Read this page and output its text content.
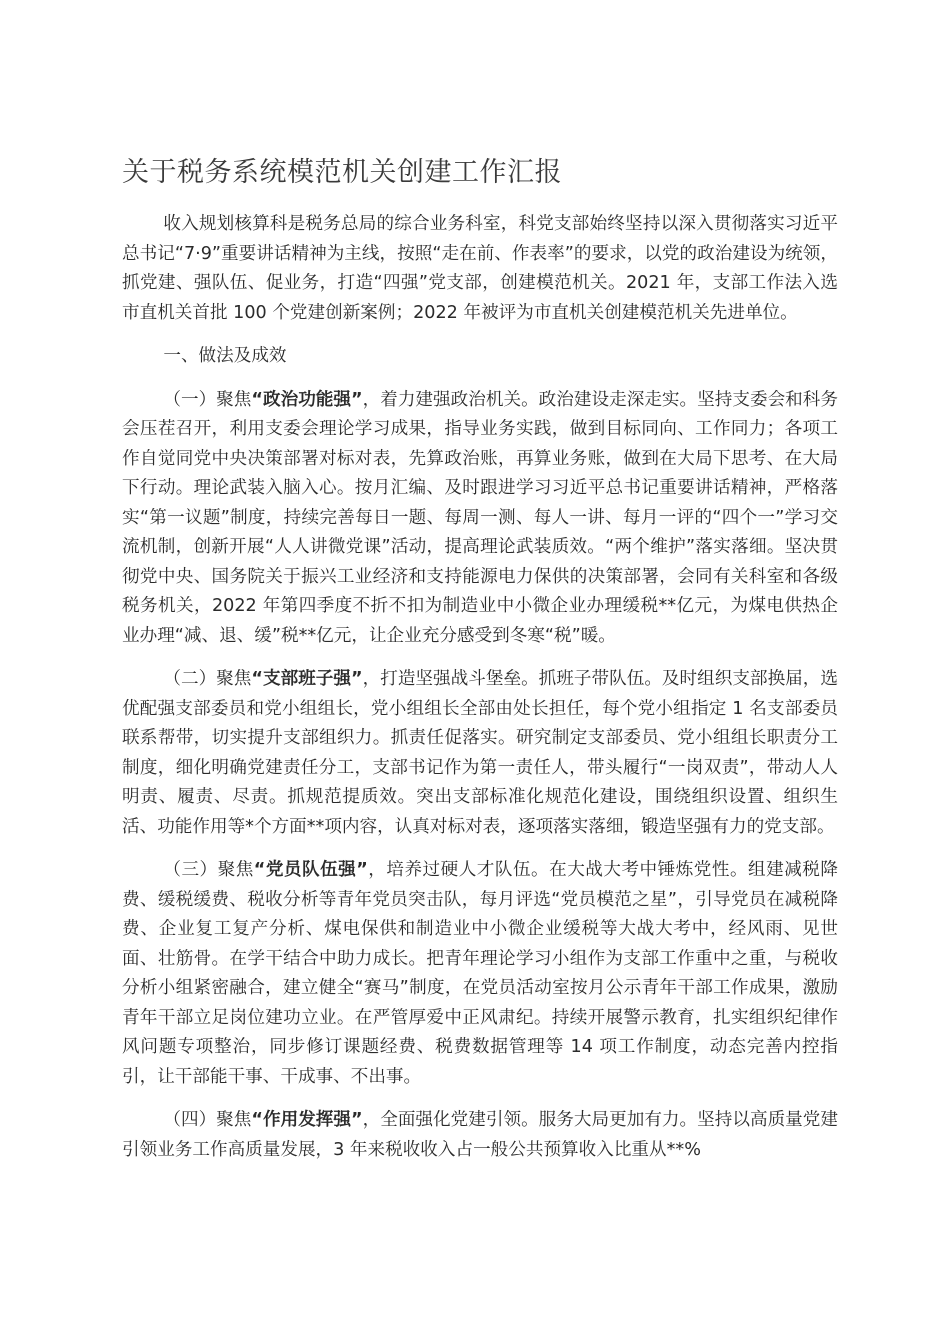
关于税务系统模范机关创建工作汇报

收入规划核算科是税务总局的综合业务科室，科党支部始终坚持以深入贯彻落实习近平总书记“7·9”重要讲话精神为主线，按照“走在前、作表率”的要求，以党的政治建设为统领，抓党建、强队伍、促业务，打造“四强”党支部，创建模范机关。2021 年，支部工作法入选市直机关首批 100 个党建创新案例；2022 年被评为市直机关创建模范机关先进单位。

一、做法及成效

（一）聚焦“政治功能强”，着力建强政治机关。政治建设走深走实。坚持支委会和科务会压茬召开，利用支委会理论学习成果，指导业务实践，做到目标同向、工作同力；各项工作自觉同党中央决策部署对标对表，先算政治账，再算业务账，做到在大局下思考、在大局下行动。理论武装入脑入心。按月汇编、及时跟进学习习近平总书记重要讲话精神，严格落实“第一议题”制度，持续完善每日一题、每周一测、每人一讲、每月一评的“四个一”学习交流机制，创新开展“人人讲微党课”活动，提高理论武装质效。“两个维护”落实落细。坚决贯彻党中央、国务院关于振兴工业经济和支持能源电力保供的决策部署，会同有关科室和各级税务机关，2022 年第四季度不折不扣为制造业中小微企业办理缓税**亿元，为煤电供热企业办理“减、退、缓”税**亿元，让企业充分感受到冬寒“税”暖。

（二）聚焦“支部班子强”，打造坚强战斗堡垒。抓班子带队伍。及时组织支部换届，选优配强支部委员和党小组组长，党小组组长全部由处长担任，每个党小组指定 1 名支部委员联系帮带，切实提升支部组织力。抓责任促落实。研究制定支部委员、党小组组长职责分工制度，细化明确党建责任分工，支部书记作为第一责任人，带头履行“一岗双责”，带动人人明责、履责、尽责。抓规范提质效。突出支部标准化规范化建设，围绕组织设置、组织生活、功能作用等*个方面**项内容，认真对标对表，逐项落实落细，锻造坚强有力的党支部。

（三）聚焦“党员队伍强”，培养过硬人才队伍。在大战大考中锤炼党性。组建减税降费、缓税缓费、税收分析等青年党员突击队，每月评选“党员模范之星”，引导党员在减税降费、企业复工复产分析、煤电保供和制造业中小微企业缓税等大战大考中，经风雨、见世面、壮筋骨。在学干结合中助力成长。把青年理论学习小组作为支部工作重中之重，与税收分析小组紧密融合，建立健全“赛马”制度，在党员活动室按月公示青年干部工作成果，激励青年干部立足岗位建功立业。在严管厚爱中正风肃纪。持续开展警示教育，扎实组织纪律作风问题专项整治，同步修订课题经费、税费数据管理等 14 项工作制度，动态完善内控指引，让干部能干事、干成事、不出事。

（四）聚焦“作用发挥强”，全面强化党建引领。服务大局更加有力。坚持以高质量党建引领业务工作高质量发展，3 年来税收收入占一般公共预算收入比重从**%
